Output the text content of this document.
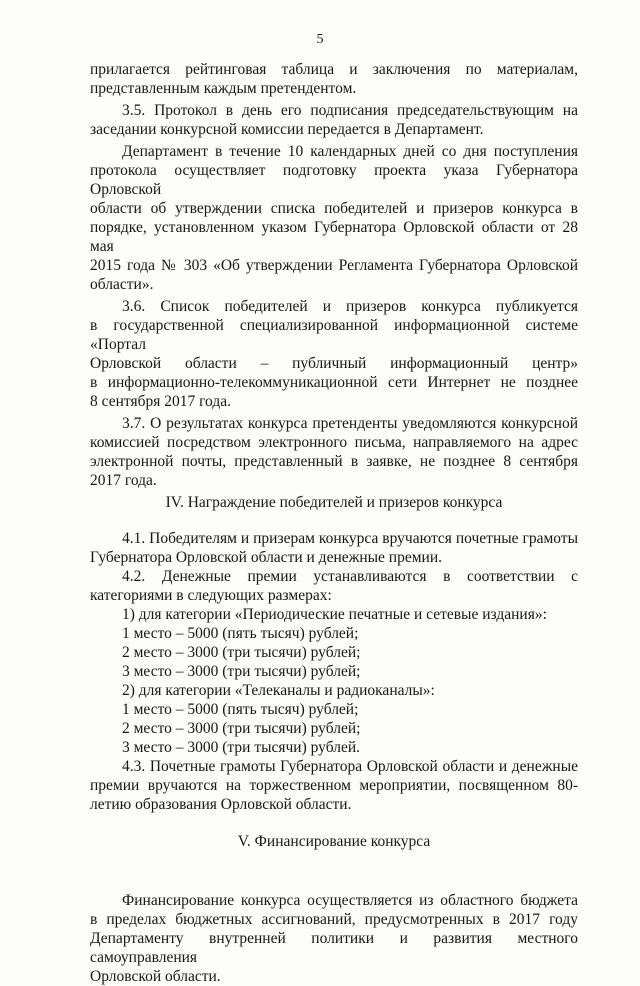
5

прилагается рейтинговая таблица и заключения по материалам,

представленным каждым претендентом.

3.5. Протокол в день его подписания председательствующим на

заседании конкурсной комиссии передается в Департамент.

Департамент в течение 10 календарных дней со дня поступления

протокола осуществляет подготовку проекта указа Губернатора Орловской

области об утверждении списка победителей и призеров конкурса в

порядке, установленном указом Губернатора Орловской области от 28 мая

2015 года № 303 «Об утверждении Регламента Губернатора Орловской

области».

3.6. Список победителей и призеров конкурса публикуется

в государственной специализированной информационной системе «Портал

Орловской области – публичный информационный центр»

в информационно-телекоммуникационной сети Интернет не позднее

8 сентября 2017 года.

3.7. О результатах конкурса претенденты уведомляются конкурсной

комиссией посредством электронного письма, направляемого на адрес

электронной почты, представленный в заявке, не позднее 8 сентября

2017 года.

IV. Награждение победителей и призеров конкурса

4.1. Победителям и призерам конкурса вручаются почетные грамоты

Губернатора Орловской области и денежные премии.

4.2. Денежные премии устанавливаются в соответствии с

категориями в следующих размерах:

1) для категории «Периодические печатные и сетевые издания»:

1 место – 5000 (пять тысяч) рублей;

2 место – 3000 (три тысячи) рублей;

3 место – 3000 (три тысячи) рублей;

2) для категории «Телеканалы и радиоканалы»:

1 место – 5000 (пять тысяч) рублей;

2 место – 3000 (три тысячи) рублей;

3 место – 3000 (три тысячи) рублей.

4.3. Почетные грамоты Губернатора Орловской области и денежные

премии вручаются на торжественном мероприятии, посвященном 80-

летию образования Орловской области.

V. Финансирование конкурса

Финансирование конкурса осуществляется из областного бюджета

в пределах бюджетных ассигнований, предусмотренных в 2017 году

Департаменту внутренней политики и развития местного самоуправления

Орловской области.
